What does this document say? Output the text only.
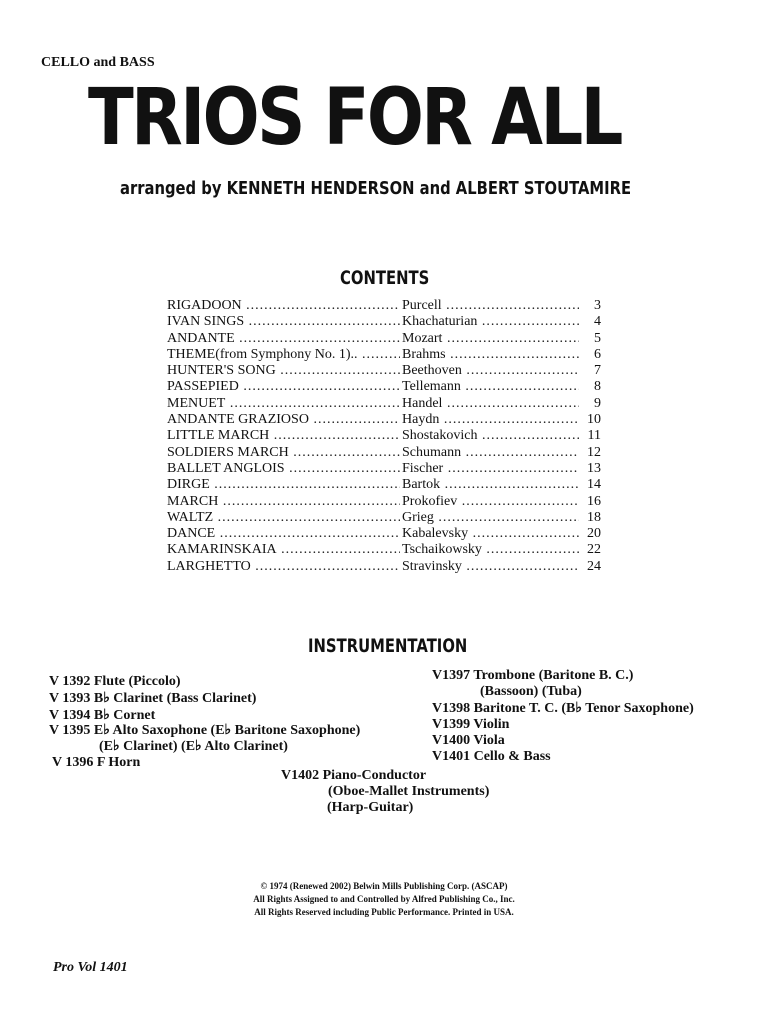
CELLO and BASS
TRIOS FOR ALL
arranged by KENNETH HENDERSON and ALBERT STOUTAMIRE
CONTENTS
RIGADOON .....	Purcell .....	3
IVAN SINGS .....	Khachaturian .....	4
ANDANTE .....	Mozart .....	5
THEME(from Symphony No. 1).. .....	Brahms .....	6
HUNTER'S SONG .....	Beethoven .....	7
PASSEPIED .....	Tellemann .....	8
MENUET .....	Handel .....	9
ANDANTE GRAZIOSO .....	Haydn .....	10
LITTLE MARCH .....	Shostakovich .....	11
SOLDIERS MARCH .....	Schumann .....	12
BALLET ANGLOIS .....	Fischer .....	13
DIRGE .....	Bartok .....	14
MARCH .....	Prokofiev .....	16
WALTZ .....	Grieg .....	18
DANCE .....	Kabalevsky .....	20
KAMARINSKAIA .....	Tschaikowsky .....	22
LARGHETTO .....	Stravinsky .....	24
INSTRUMENTATION
V 1392 Flute (Piccolo)
V 1393 B♭ Clarinet (Bass Clarinet)
V 1394 B♭ Cornet
V 1395 E♭ Alto Saxophone (E♭ Baritone Saxophone)
(E♭ Clarinet) (E♭ Alto Clarinet)
V 1396 F Horn
V1397 Trombone (Baritone B. C.)
(Bassoon) (Tuba)
V1398 Baritone T. C. (B♭ Tenor Saxophone)
V1399 Violin
V1400 Viola
V1401 Cello & Bass
V1402 Piano-Conductor
(Oboe-Mallet Instruments)
(Harp-Guitar)
© 1974 (Renewed 2002) Belwin Mills Publishing Corp. (ASCAP)
All Rights Assigned to and Controlled by Alfred Publishing Co., Inc.
All Rights Reserved including Public Performance. Printed in USA.
Pro Vol 1401
